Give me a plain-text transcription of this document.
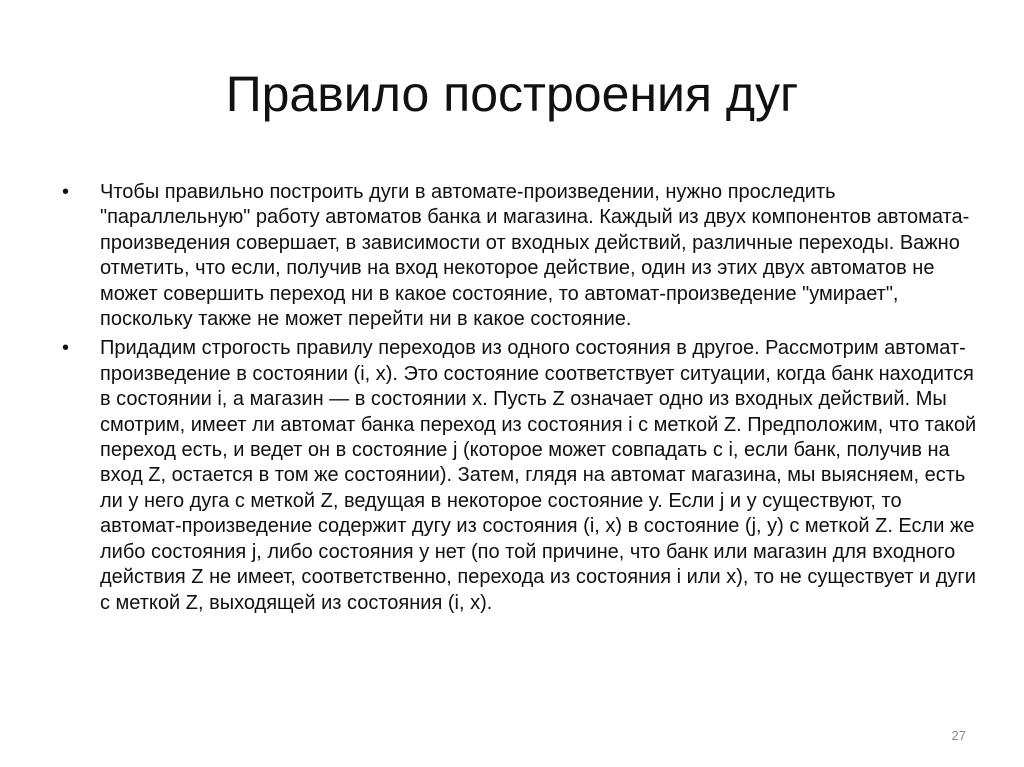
Правило построения дуг
• Чтобы правильно построить дуги в автомате-произведении, нужно проследить "параллельную" работу автоматов банка и магазина. Каждый из двух компонентов автомата-произведения совершает, в зависимости от входных действий, различные переходы. Важно отметить, что если, получив на вход некоторое действие, один из этих двух автоматов не может совершить переход ни в какое состояние, то автомат-произведение "умирает", поскольку также не может перейти ни в какое состояние.
• Придадим строгость правилу переходов из одного состояния в другое. Рассмотрим автомат-произведение в состоянии (i, x). Это состояние соответствует ситуации, когда банк находится в состоянии i, а магазин — в состоянии x. Пусть Z означает одно из входных действий. Мы смотрим, имеет ли автомат банка переход из состояния i с меткой Z. Предположим, что такой переход есть, и ведет он в состояние j (которое может совпадать с i, если банк, получив на вход Z, остается в том же состоянии). Затем, глядя на автомат магазина, мы выясняем, есть ли у него дуга с меткой Z, ведущая в некоторое состояние y. Если j и y существуют, то автомат-произведение содержит дугу из состояния (i, x) в состояние (j, y) с меткой Z. Если же либо состояния j, либо состояния y нет (по той причине, что банк или магазин для входного действия Z не имеет, соответственно, перехода из состояния i или x), то не существует и дуги с меткой Z, выходящей из состояния (i, x).
27
